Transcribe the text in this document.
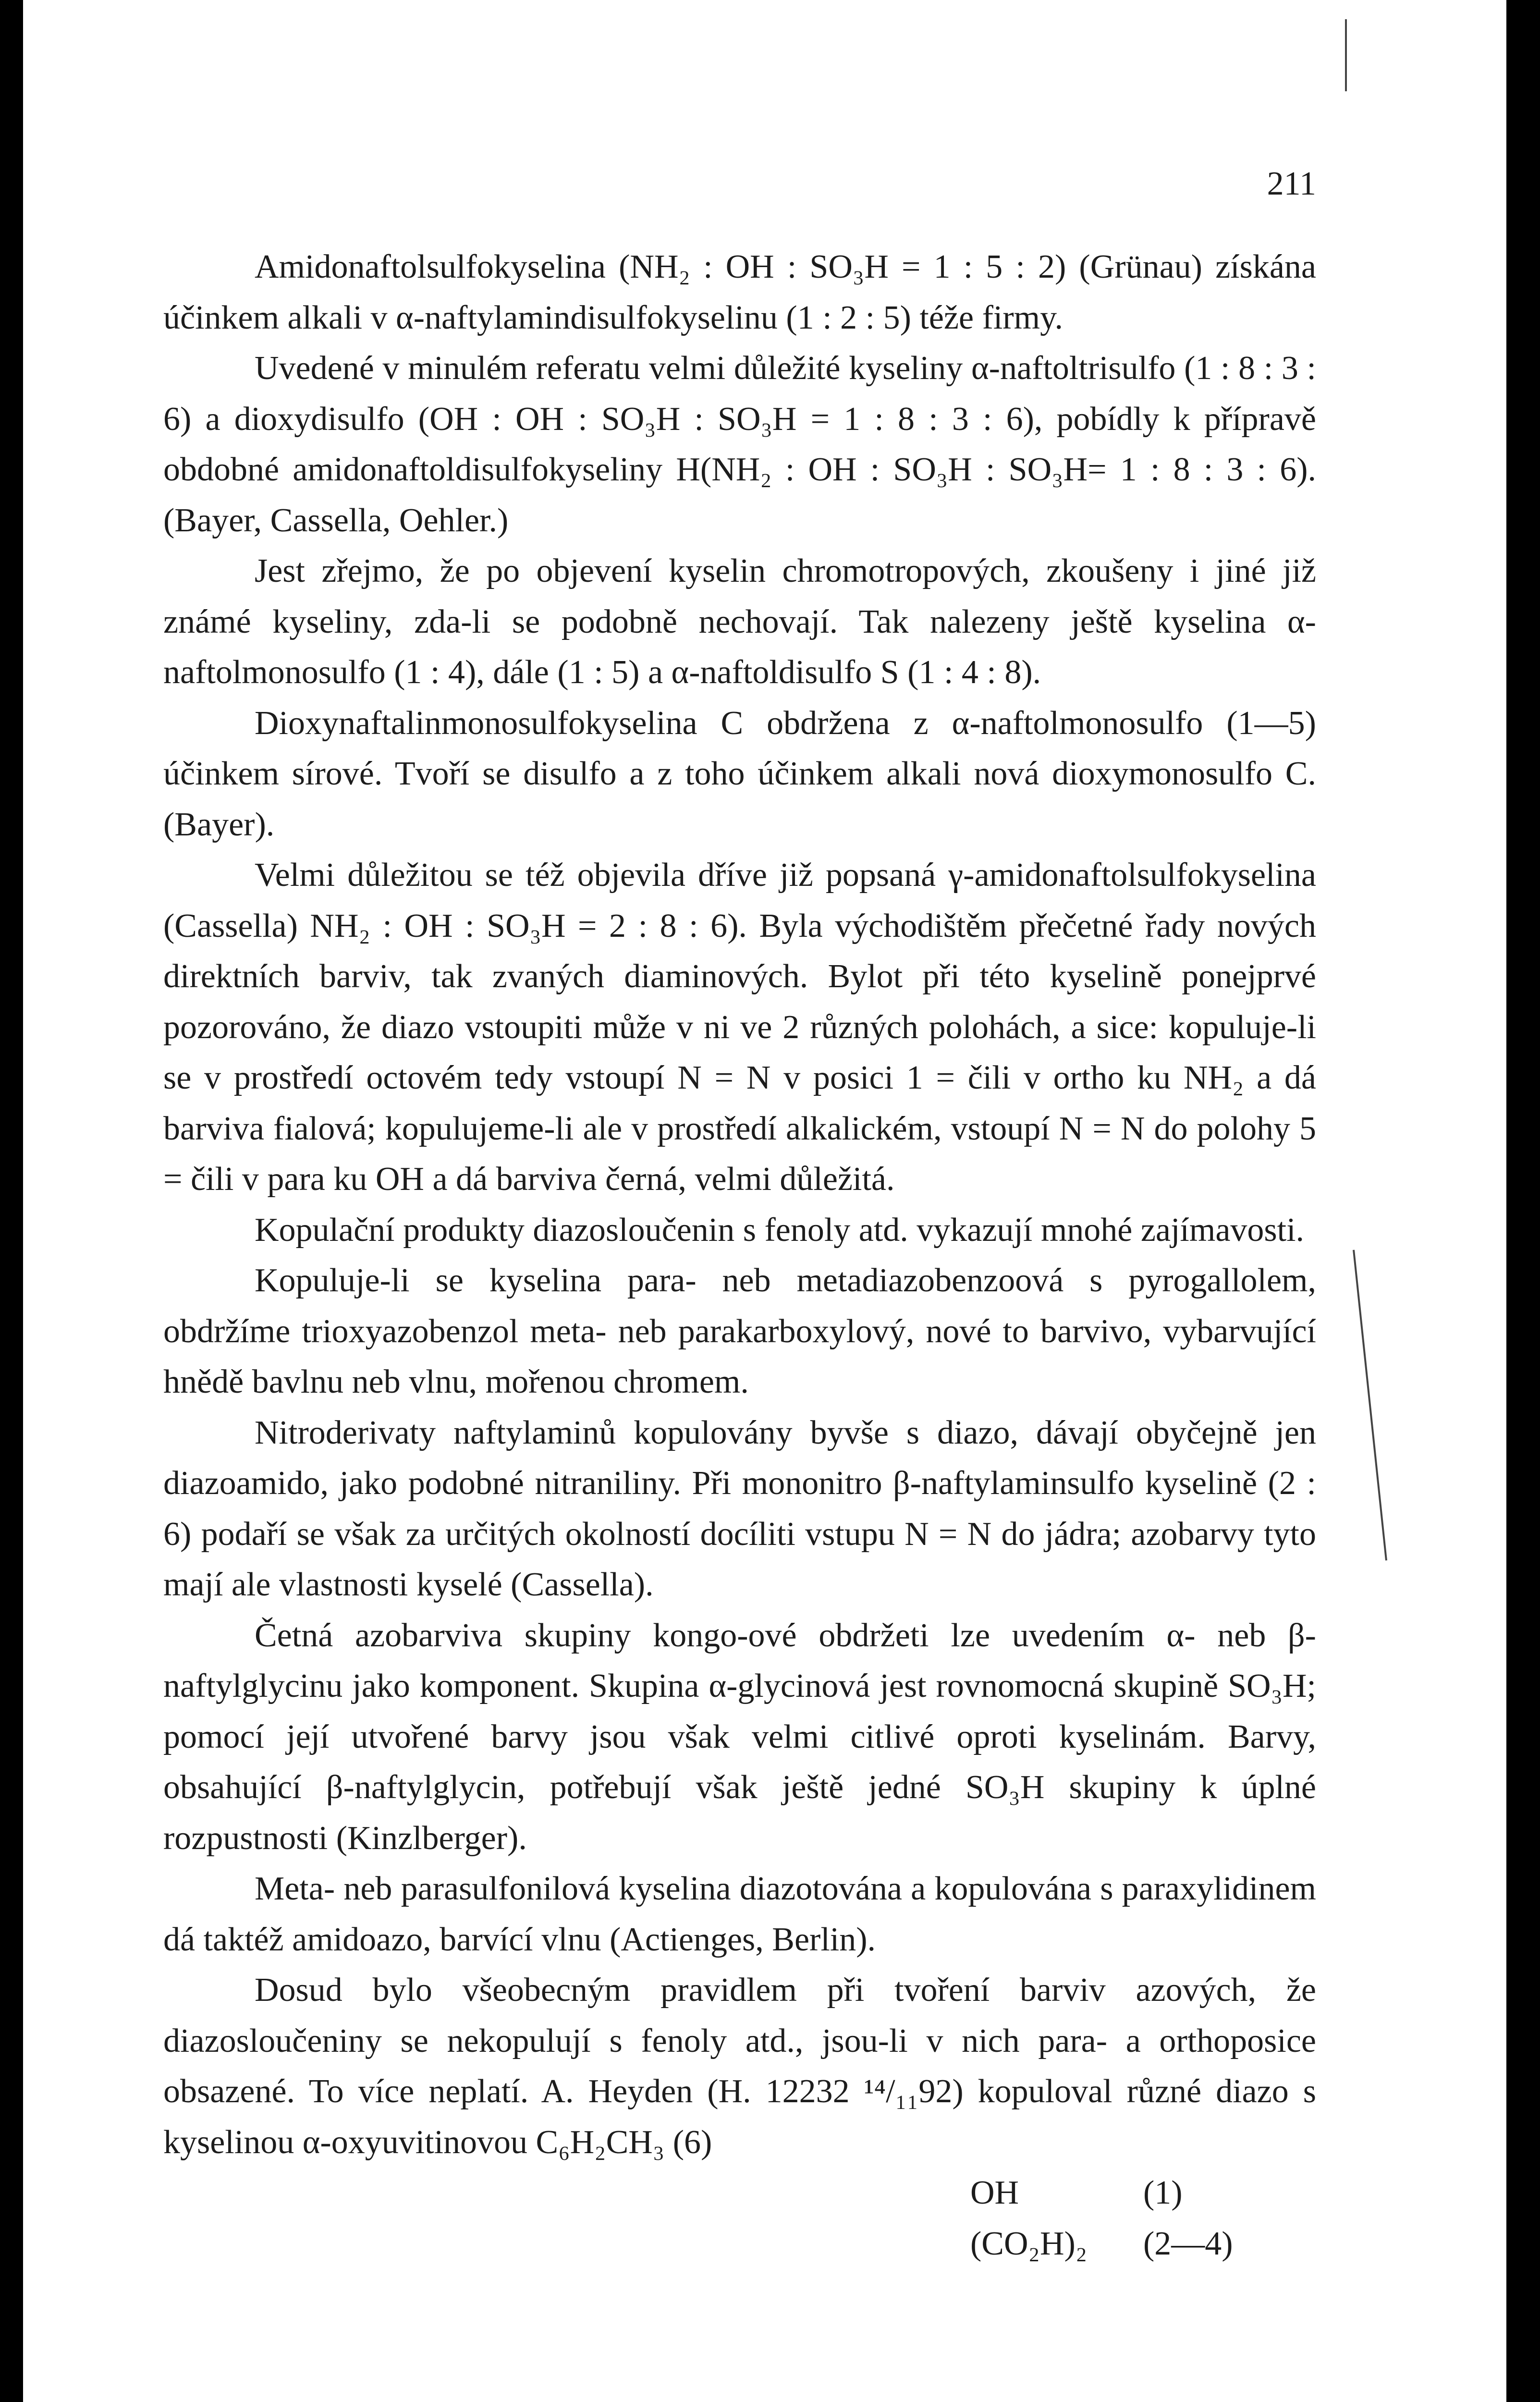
211

Amidonaftolsulfokyselina (NH₂ : OH : SO₃H = 1 : 5 : 2) (Grünau) získána účinkem alkali v α-naftylamindisulfokyselinu (1 : 2 : 5) téže firmy.

Uvedené v minulém referatu velmi důležité kyseliny α-naftoltrisulfo (1 : 8 : 3 : 6) a dioxydisulfo (OH : OH : SO₃H : SO₃H = 1 : 8 : 3 : 6), pobídly k přípravě obdobné amidonaftoldisulfokyseliny H(NH₂ : OH : SO₃H : SO₃H= 1 : 8 : 3 : 6). (Bayer, Cassella, Oehler.)

Jest zřejmo, že po objevení kyselin chromotropových, zkoušeny i jiné již známé kyseliny, zda-li se podobně nechovají. Tak nalezeny ještě kyselina α-naftolmonosulfo (1 : 4), dále (1 : 5) a α-naftoldisulfo S (1 : 4 : 8).

Dioxynaftalinmonosulfokyselina C obdržena z α-naftolmonosulfo (1—5) účinkem sírové. Tvoří se disulfo a z toho účinkem alkali nová dioxymonosulfo C. (Bayer).

Velmi důležitou se též objevila dříve již popsaná γ-amidonaftolsulfokyselina (Cassella) NH₂ : OH : SO₃H = 2 : 8 : 6). Byla východištěm přečetné řady nových direktních barviv, tak zvaných diaminových. Bylot při této kyselině ponejprvé pozorováno, že diazo vstoupiti může v ni ve 2 různých polohách, a sice: kopuluje-li se v prostředí octovém tedy vstoupí N = N v posici 1 = čili v ortho ku NH₂ a dá barviva fialová; kopulujeme-li ale v prostředí alkalickém, vstoupí N = N do polohy 5 = čili v para ku OH a dá barviva černá, velmi důležitá.

Kopulační produkty diazosloučenin s fenoly atd. vykazují mnohé zajímavosti.

Kopuluje-li se kyselina para- neb metadiazobenzoová s pyrogallolem, obdržíme trioxyazobenzol meta- neb parakarboxylový, nové to barvivo, vybarvující hnědě bavlnu neb vlnu, mořenou chromem.

Nitroderivaty naftylaminů kopulovány byvše s diazo, dávají obyčejně jen diazoamido, jako podobné nitraniliny. Při mononitro β-naftylaminsulfo kyselině (2 : 6) podaří se však za určitých okolností docíliti vstupu N = N do jádra; azobarvy tyto mají ale vlastnosti kyselé (Cassella).

Četná azobarviva skupiny kongo-ové obdržeti lze uvedením α- neb β-naftylglycinu jako komponent. Skupina α-glycinová jest rovnomocná skupině SO₃H; pomocí její utvořené barvy jsou však velmi citlivé oproti kyselinám. Barvy, obsahující β-naftylglycin, potřebují však ještě jedné SO₃H skupiny k úplné rozpustnosti (Kinzlberger).

Meta- neb parasulfonilová kyselina diazotována a kopulována s paraxylidinem dá taktéž amidoazo, barvící vlnu (Actienges, Berlin).

Dosud bylo všeobecným pravidlem při tvoření barviv azových, že diazosloučeniny se nekopulují s fenoly atd., jsou-li v nich para- a orthoposice obsazené. To více neplatí. A. Heyden (H. 12232 ¹⁴/₁₁92) kopuloval různé diazo s kyselinou α-oxyuvitinovou C₆H₂CH₃ (6)

OH	(1)
(CO₂H)₂	(2—4)
